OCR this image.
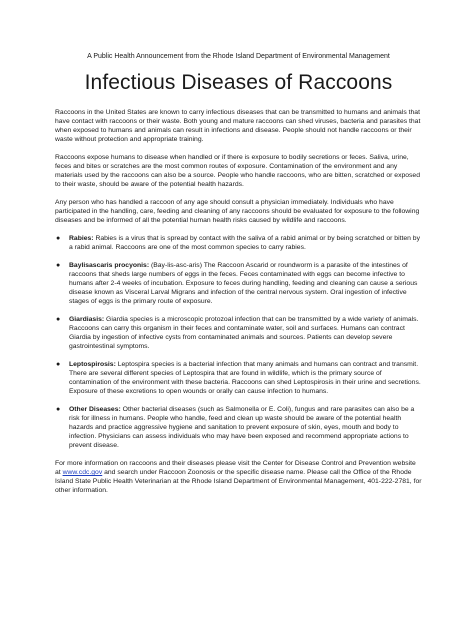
A Public Health Announcement from the Rhode Island Department of Environmental Management
Infectious Diseases of Raccoons

Raccoons in the United States are known to carry infectious diseases that can be transmitted to humans and animals that have contact with raccoons or their waste. Both young and mature raccoons can shed viruses, bacteria and parasites that when exposed to humans and animals can result in infections and disease. People should not handle raccoons or their waste without protection and appropriate training.

Raccoons expose humans to disease when handled or if there is exposure to bodily secretions or feces. Saliva, urine, feces and bites or scratches are the most common routes of exposure. Contamination of the environment and any materials used by the raccoons can also be a source. People who handle raccoons, who are bitten, scratched or exposed to their waste, should be aware of the potential health hazards.

Any person who has handled a raccoon of any age should consult a physician immediately. Individuals who have participated in the handling, care, feeding and cleaning of any raccoons should be evaluated for exposure to the following diseases and be informed of all the potential human health risks caused by wildlife and raccoons.

● Rabies: Rabies is a virus that is spread by contact with the saliva of a rabid animal or by being scratched or bitten by a rabid animal. Raccoons are one of the most common species to carry rabies.
● Baylisascaris procyonis: (Bay-lis-asc-aris) The Raccoon Ascarid or roundworm is a parasite of the intestines of raccoons that sheds large numbers of eggs in the feces. Feces contaminated with eggs can become infective to humans after 2-4 weeks of incubation. Exposure to feces during handling, feeding and cleaning can cause a serious disease known as Visceral Larval Migrans and infection of the central nervous system. Oral ingestion of infective stages of eggs is the primary route of exposure.
● Giardiasis: Giardia species is a microscopic protozoal infection that can be transmitted by a wide variety of animals. Raccoons can carry this organism in their feces and contaminate water, soil and surfaces. Humans can contract Giardia by ingestion of infective cysts from contaminated animals and sources. Patients can develop severe gastrointestinal symptoms.
● Leptospirosis: Leptospira species is a bacterial infection that many animals and humans can contract and transmit. There are several different species of Leptospira that are found in wildlife, which is the primary source of contamination of the environment with these bacteria. Raccoons can shed Leptospirosis in their urine and secretions. Exposure of these excretions to open wounds or orally can cause infection to humans.
● Other Diseases: Other bacterial diseases (such as Salmonella or E. Coli), fungus and rare parasites can also be a risk for illness in humans. People who handle, feed and clean up waste should be aware of the potential health hazards and practice aggressive hygiene and sanitation to prevent exposure of skin, eyes, mouth and body to infection. Physicians can assess individuals who may have been exposed and recommend appropriate actions to prevent disease.

For more information on raccoons and their diseases please visit the Center for Disease Control and Prevention website at www.cdc.gov and search under Raccoon Zoonosis or the specific disease name. Please call the Office of the Rhode Island State Public Health Veterinarian at the Rhode Island Department of Environmental Management, 401-222-2781, for other information.
